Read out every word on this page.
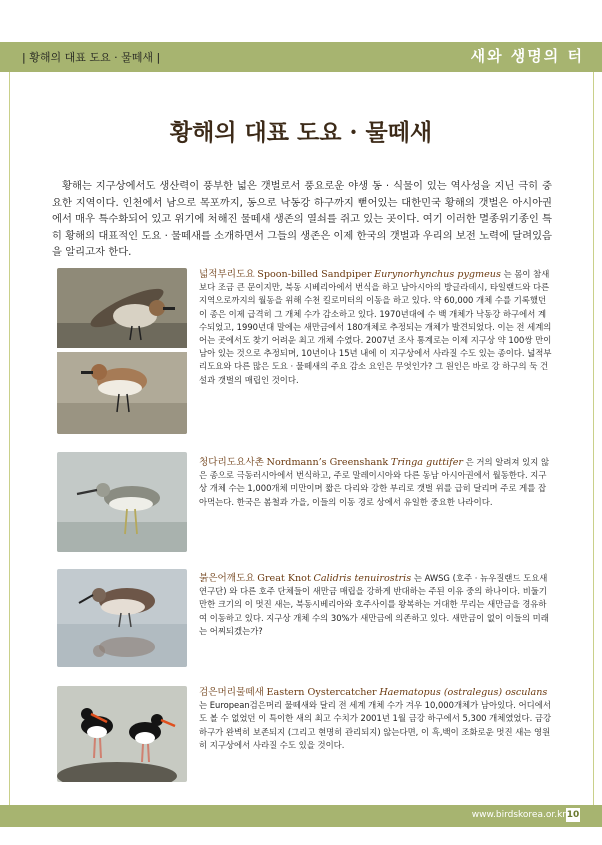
| 황해의 대표 도요 · 물떼새 |	새와 생명의 터
황해의 대표 도요 · 물떼새

황해는 지구상에서도 생산력이 풍부한 넓은 갯벌로서 풍요로운 야생 동 · 식물이 있는 역사성을 지닌 극히 중요한 지역이다. 인천에서 남으로 목포까지, 동으로 낙동강 하구까지 뻗어있는 대한민국 황해의 갯벌은 아시아권에서 매우 특수화되어 있고 위기에 처해진 물떼새 생존의 열쇠를 쥐고 있는 곳이다. 여기 이러한 멸종위기종인 특히 황해의 대표적인 도요 · 물떼새를 소개하면서 그들의 생존은 이제 한국의 갯벌과 우리의 보전 노력에 달려있음을 알리고자 한다.

넓적부리도요 Spoon-billed Sandpiper Eurynorhynchus pygmeus 는 몸이 참새보다 조금 큰 문이지만, 북동 시베리아에서 번식을 하고 남아시아의 방글라데시, 타일랜드와 다른 지역으로까지의 월동을 위해 수천 킬로미터의 이동을 하고 있다. 약 60,000 개체 수를 기록했던 이 종은 이제 급격히 그 개체 수가 감소하고 있다. 1970년대에 수 백 개체가 낙동강 하구에서 계수되었고, 1990년대 말에는 새만금에서 180개체로 추정되는 개체가 발견되었다. 이는 전 세계의 어는 곳에서도 찾기 어려운 최고 개체 수였다. 2007년 조사 통계로는 이제 지구상 약 100쌍 만이 남아 있는 것으로 추정되며, 10년이나 15년 내에 이 지구상에서 사라질 수도 있는 종이다. 넓적부리도요와 다른 많은 도요 · 물떼새의 주요 감소 요인은 무엇인가? 그 원인은 바로 강 하구의 둑 건설과 갯벌의 매립인 것이다.
청다리도요사촌 Nordmann’s Greenshank Tringa guttifer 은 거의 알려져 있지 않은 종으로 극동러시아에서 번식하고, 주로 말레이시아와 다른 동남 아시아권에서 월동한다. 지구상 개체 수는 1,000개체 미만이며 짧은 다리와 강한 부리로 갯벌 위를 급히 달리며 주로 게를 잡아먹는다. 한국은 봄철과 가을, 이들의 이동 경로 상에서 유일한 중요한 나라이다.
붉은어깨도요 Great Knot Calidris tenuirostris 는 AWSG (호주 · 뉴우질랜드 도요새 연구단) 와 다른 호주 단체들이 새만금 매립을 강하게 반대하는 주된 이유 중의 하나이다. 비둘기만한 크기의 이 멋진 새는, 북동시베리아와 호주사이를 왕복하는 거대한 무리는 새만금을 경유하여 이동하고 있다. 지구상 개체 수의 30%가 새만금에 의존하고 있다. 새만금이 없이 이들의 미래는 어찌되겠는가?
검은머리물떼새 Eastern Oystercatcher Haematopus (ostralegus) osculans 는 European검은머리 물떼새와 달리 전 세계 개체 수가 겨우 10,000개체가 남아있다. 어디에서도 볼 수 없었던 이 특이한 새의 최고 수치가 2001년 1월 금강 하구에서 5,300 개체였었다. 금강 하구가 완벽히 보존되지 (그리고 현명히 관리되지) 않는다면, 이 흑,백이 조화로운 멋진 새는 영원히 지구상에서 사라질 수도 있을 것이다.
www.birdskorea.or.kr 10
